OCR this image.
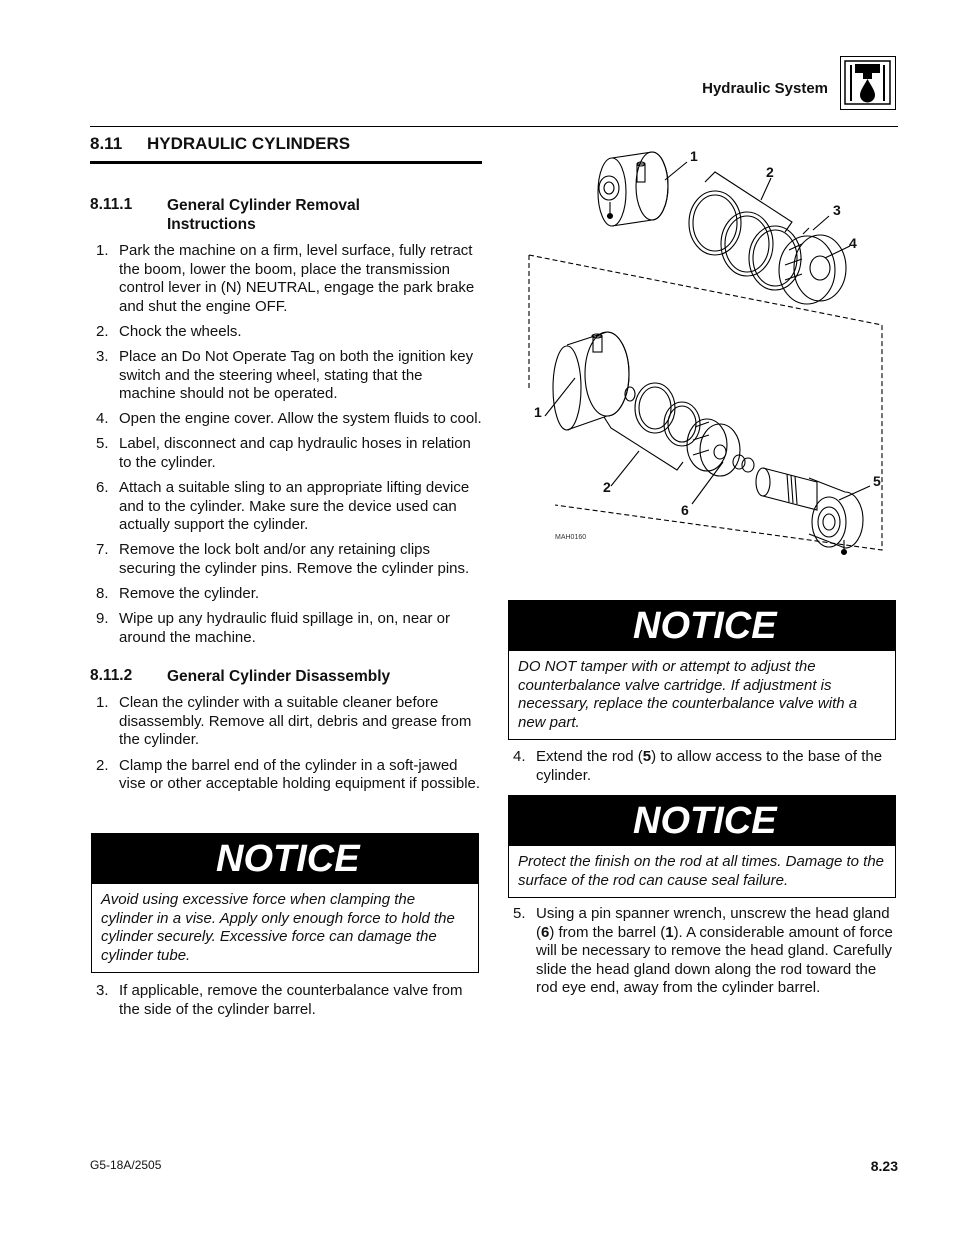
Hydraulic System
8.11	HYDRAULIC CYLINDERS
8.11.1	General Cylinder Removal Instructions
1. Park the machine on a firm, level surface, fully retract the boom, lower the boom, place the transmission control lever in (N) NEUTRAL, engage the park brake and shut the engine OFF.
2. Chock the wheels.
3. Place an Do Not Operate Tag on both the ignition key switch and the steering wheel, stating that the machine should not be operated.
4. Open the engine cover. Allow the system fluids to cool.
5. Label, disconnect and cap hydraulic hoses in relation to the cylinder.
6. Attach a suitable sling to an appropriate lifting device and to the cylinder. Make sure the device used can actually support the cylinder.
7. Remove the lock bolt and/or any retaining clips securing the cylinder pins. Remove the cylinder pins.
8. Remove the cylinder.
9. Wipe up any hydraulic fluid spillage in, on, near or around the machine.
8.11.2	General Cylinder Disassembly
1. Clean the cylinder with a suitable cleaner before disassembly. Remove all dirt, debris and grease from the cylinder.
2. Clamp the barrel end of the cylinder in a soft-jawed vise or other acceptable holding equipment if possible.
NOTICE
Avoid using excessive force when clamping the cylinder in a vise. Apply only enough force to hold the cylinder securely. Excessive force can damage the cylinder tube.
3. If applicable, remove the counterbalance valve from the side of the cylinder barrel.
1
2
3
4
1
2
6
5
MAH0160
NOTICE
DO NOT tamper with or attempt to adjust the counterbalance valve cartridge. If adjustment is necessary, replace the counterbalance valve with a new part.
4. Extend the rod (5) to allow access to the base of the cylinder.
NOTICE
Protect the finish on the rod at all times. Damage to the surface of the rod can cause seal failure.
5. Using a pin spanner wrench, unscrew the head gland (6) from the barrel (1). A considerable amount of force will be necessary to remove the head gland. Carefully slide the head gland down along the rod toward the rod eye end, away from the cylinder barrel.
G5-18A/2505	8.23
